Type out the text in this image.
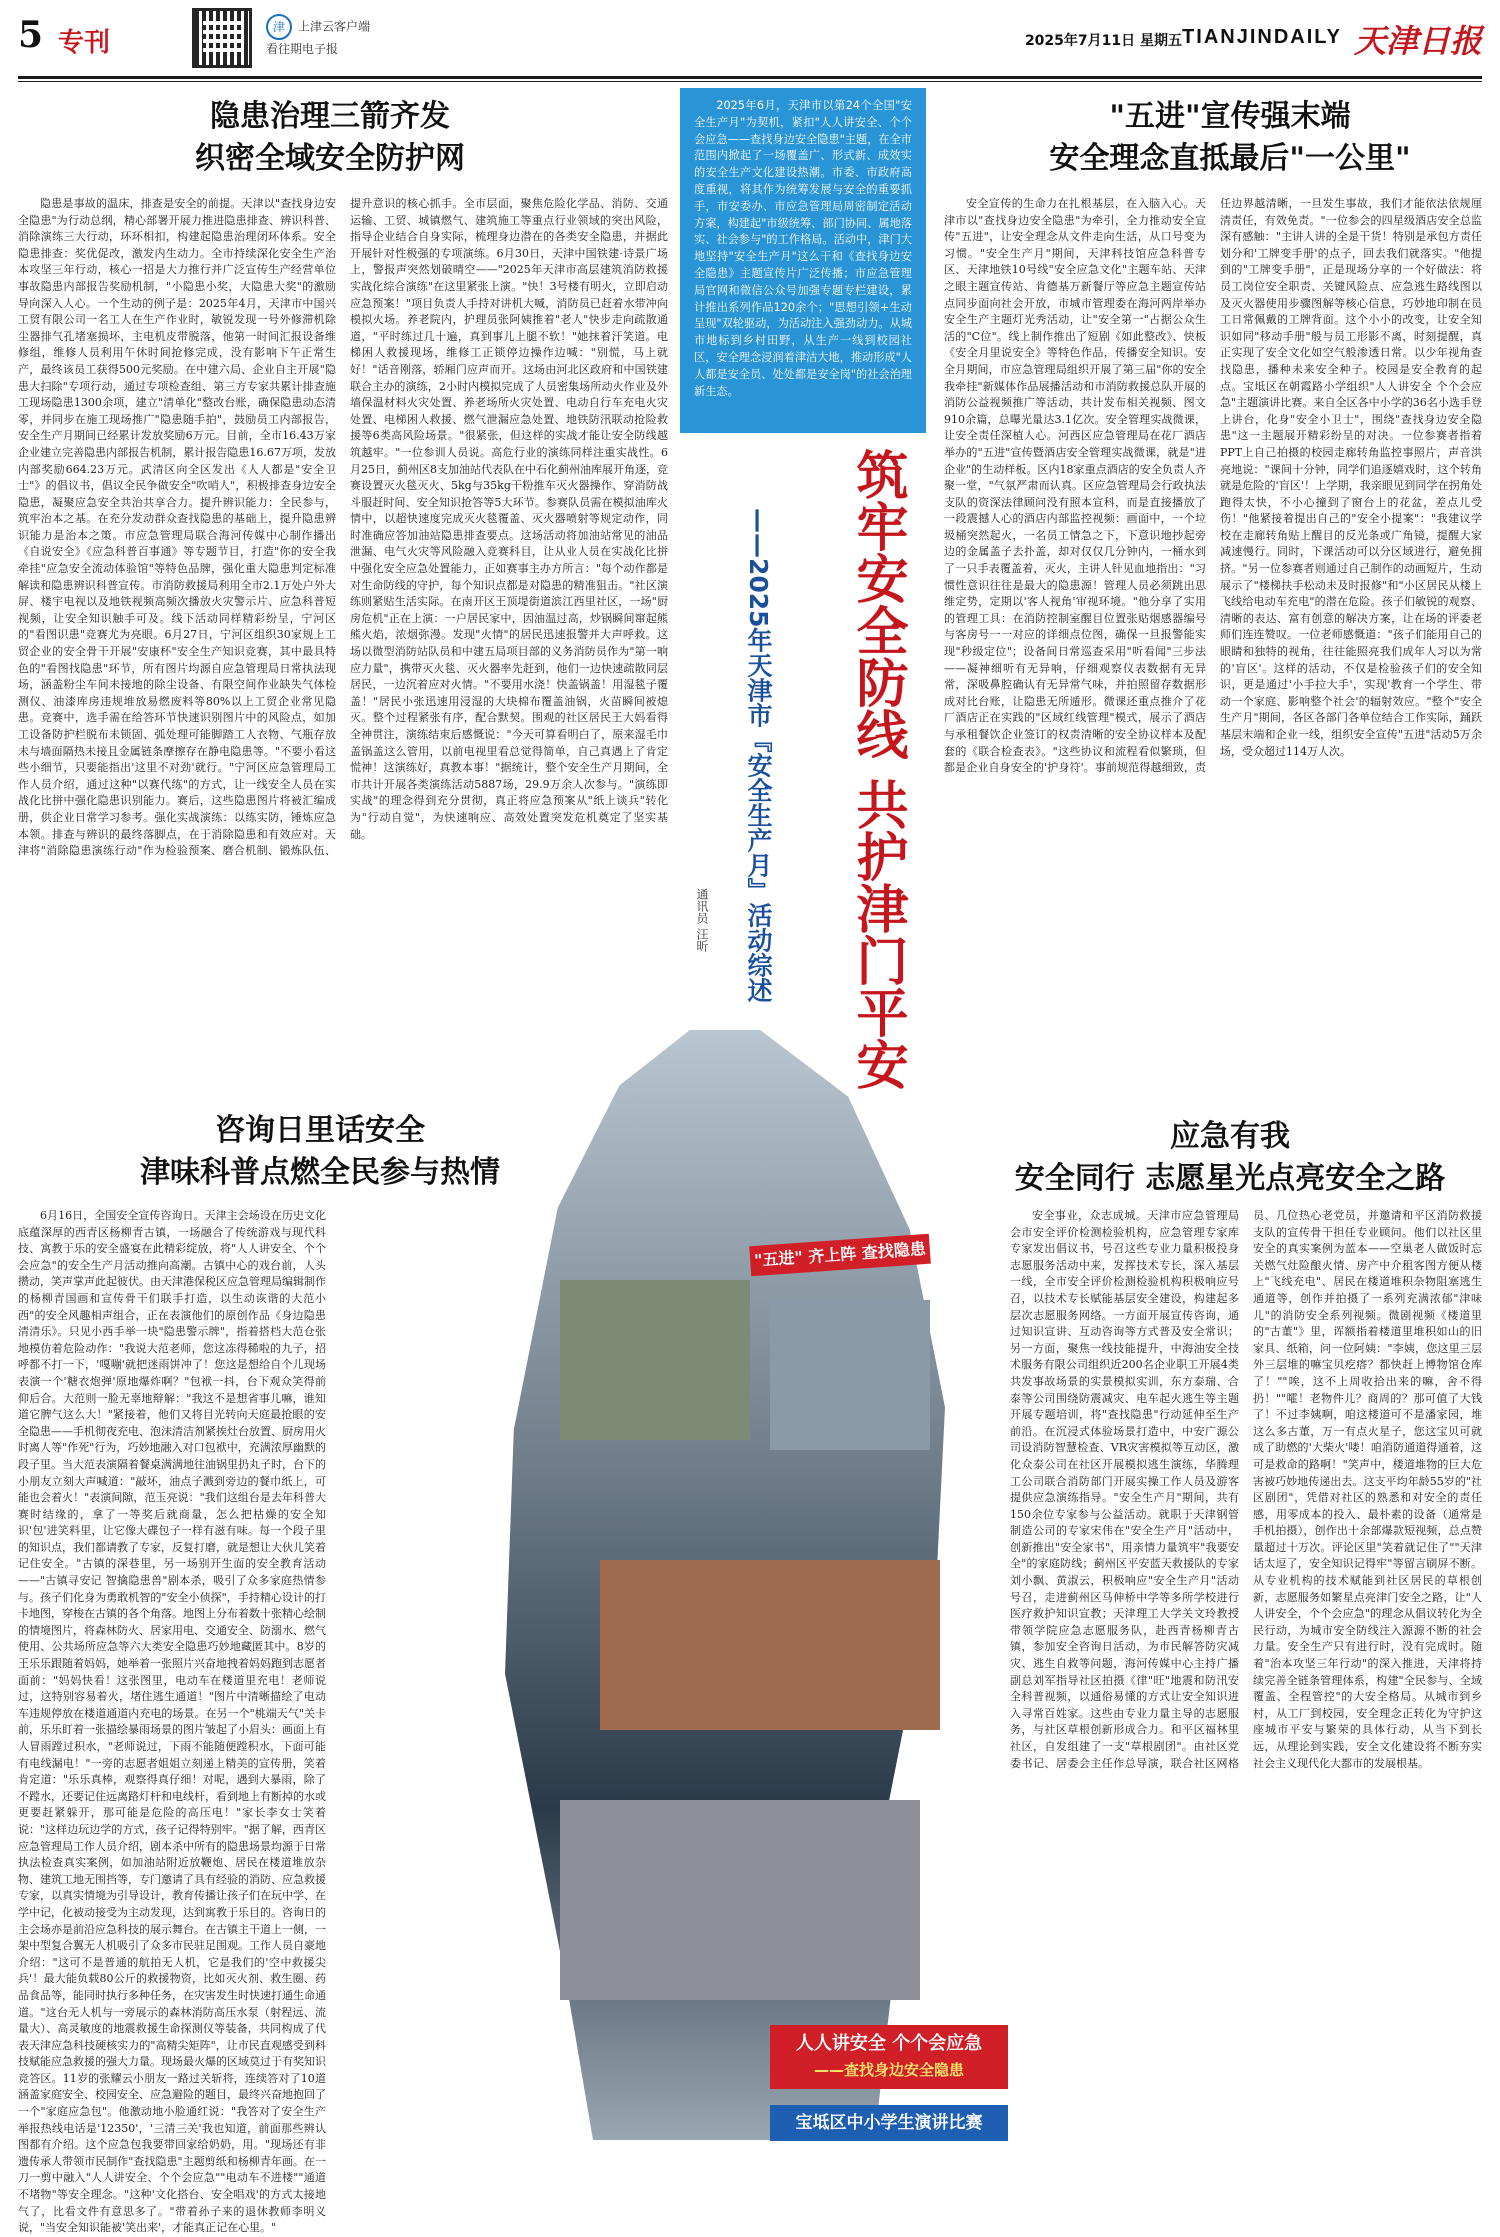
5 专刊
津 上津云客户端
看往期电子报	2025年7月11日 星期五 TIANJINDAILY 天津日报
隐患治理三箭齐发
织密全域安全防护网

隐患是事故的温床，排查是安全的前提。天津以"查找身边安全隐患"为行动总纲，精心部署开展力推进隐患排查、辨识科普、消除演练三大行动，环环相扣，构建起隐患治理闭环体系。安全隐患排查：奖优促改，激发内生动力。全市持续深化安全生产治本攻坚三年行动，核心一招是大力推行并广泛宣传生产经营单位事故隐患内部报告奖励机制，"小隐患小奖，大隐患大奖"的激励导向深入人心。一个生动的例子是：2025年4月，天津市中国兴工贸有限公司一名工人在生产作业时，敏锐发现一号外修滞机除尘器排气孔堵塞损坏，主电机皮带脱落，他第一时间汇报设备维修组，维修人员利用午休时间抢修完成，没有影响下午正常生产，最终该员工获得500元奖励。在中建六局、企业自主开展"隐患大扫除"专项行动，通过专项检查组、第三方专家共累计排查施工现场隐患1300余项，建立"清单化"整改台账，确保隐患动态清零，并同步在施工现场推广"隐患随手拍"，鼓励员工内部报告，安全生产月期间已经累计发放奖励6万元。目前，全市16.43万家企业建立完善隐患内部报告机制，累计报告隐患16.67万项，发放内部奖励664.23万元。武清区向全区发出《人人都是"安全卫士"》的倡议书，倡议全民争做安全"吹哨人"，积极排查身边安全隐患，凝聚应急安全共治共享合力。提升辨识能力：全民参与，筑牢治本之基。在充分发动群众查找隐患的基础上，提升隐患辨识能力是治本之策。市应急管理局联合海河传媒中心制作播出《自说安全》《应急科普百事通》等专题节目，打造"你的安全我牵挂"应急安全流动体验馆"等特色品牌，强化重大隐患判定标准解读和隐患辨识科普宣传。市消防救援局利用全市2.1万处户外大屏、楼宇电视以及地铁视频高频次播放火灾警示片、应急科普短视频，让安全知识触手可及。线下活动同样精彩纷呈，宁河区的"看图识患"竞赛尤为亮眼。6月27日，宁河区组织30家规上工贸企业的安全骨干开展"安康杯"安全生产知识竞赛，其中最具特色的"看图找隐患"环节，所有图片均源自应急管理局日常执法现场，涵盖粉尘车间未接地的除尘设备、有限空间作业缺失气体检测仪、油漆库房违规堆放易燃废料等80%以上工贸企业常见隐患。竞赛中，选手需在给答环节快速识别图片中的风险点，如加工设备防护栏脱布未锁固、弧处理可能脚踏工人衣物、气瓶存放未与墙面隔热未接且金属链条摩擦存在静电隐患等。"不要小看这些小细节，只要能指出'这里不对劲'就行。"宁河区应急管理局工作人员介绍，通过这种"以赛代练"的方式，让一线安全人员在实战化比拼中强化隐患识别能力。赛后，这些隐患图片将被汇编成册，供企业日常学习参考。强化实战演练：以练实防，锤炼应急本领。排查与辨识的最终落脚点，在于消除隐患和有效应对。天津将"消除隐患演练行动"作为检验预案、磨合机制、锻炼队伍、提升意识的核心抓手。全市层面，聚焦危险化学品、消防、交通运输、工贸、城镇燃气、建筑施工等重点行业领域的突出风险，指导企业结合自身实际，梳理身边潜在的各类安全隐患，并据此开展针对性极强的专项演练。6月30日，天津中国铁建·诗景广场上，警报声突然划破晴空——"2025年天津市高层建筑消防救援实战化综合演练"在这里紧张上演。"快！3号楼有明火，立即启动应急预案！"项目负责人手持对讲机大喊，消防员已赶着水带冲向模拟火场。养老院内，护理员张阿姨推着"老人"快步走向疏散通道，"平时练过几十遍，真到事儿上腿不软！"她抹着汗笑道。电梯困人救援现场，维修工正锁停边操作边喊："别慌，马上就好！"话音刚落，轿厢门应声而开。这场由河北区政府和中国铁建联合主办的演练，2小时内模拟完成了人员密集场所动火作业及外墙保温材料火灾处置、养老场所火灾处置、电动自行车充电火灾处置、电梯困人救援、燃气泄漏应急处置、地铁防汛联动抢险救援等6类高风险场景。"很紧张，但这样的实战才能让安全防线越筑越牢。"一位参训人员说。高危行业的演练同样注重实战性。6月25日，蓟州区8支加油站代表队在中石化蓟州油库展开角逐，竞赛设置灭火毯灭火、5kg与35kg干粉推车灭火器操作、穿消防战斗服赶时间、安全知识抢答等5大环节。参赛队员需在模拟油库火情中，以超快速度完成灭火毯覆盖、灭火器喷射等规定动作，同时准确应答加油站隐患排查要点。这场活动将加油站常见的油品泄漏、电气火灾等风险融入竞赛科目，让从业人员在实战化比拼中强化安全应急处置能力，正如赛事主办方所言："每个动作都是对生命防线的守护，每个知识点都是对隐患的精准狙击。"社区演练则紧贴生活实际。在南开区王顶堤街道滨江西里社区，一场"厨房危机"正在上演：一户居民家中，因油温过高，炒锅瞬间窜起熊熊火焰，浓烟弥漫。发现"火情"的居民迅速报警并大声呼救。这场以微型消防站队员和中建五局项目部的义务消防员作为"第一响应力量"，携带灭火毯、灭火器率先赶到，他们一边快速疏散同层居民，一边沉着应对火情。"不要用水浇！快盖锅盖！用湿毯子覆盖！"居民小张迅速用浸湿的大块棉布覆盖油锅，火苗瞬间被熄灭。整个过程紧张有序，配合默契。围观的社区居民王大妈看得全神贯注，演练结束后感慨说："今天可算看明白了，原来湿毛巾盖锅盖这么管用，以前电视里看总觉得简单，自己真遇上了肯定慌神！这演练好，真教本事！"据统计，整个安全生产月期间，全市共计开展各类演练活动5887场，29.9万余人次参与。"演练即实战"的理念得到充分贯彻，真正将应急预案从"纸上谈兵"转化为"行动自觉"，为快速响应、高效处置突发危机奠定了坚实基础。

2025年6月，天津市以第24个全国"安全生产月"为契机，紧扣"人人讲安全、个个会应急——查找身边安全隐患"主题，在全市范围内掀起了一场覆盖广、形式新、成效实的安全生产文化建设热潮。市委、市政府高度重视，将其作为统筹发展与安全的重要抓手，市安委办、市应急管理局周密制定活动方案，构建起"市级统筹、部门协同、属地落实、社会参与"的工作格局。活动中，津门大地坚持"安全生产月"这么干和《查找身边安全隐患》主题宣传片广泛传播；市应急管理局官网和微信公众号加强专题专栏建设，累计推出系列作品120余个；"思想引领+生动呈现"双轮驱动，为活动注入强劲动力。从城市地标到乡村田野，从生产一线到校园社区，安全理念浸润着津沽大地，推动形成"人人都是安全员、处处都是安全岗"的社会治理新生态。

筑牢安全防线 共护津门平安
——2025年天津市『安全生产月』活动综述
通讯员 汪昕
"五进"宣传强末端
安全理念直抵最后"一公里"

安全宣传的生命力在扎根基层，在入脑入心。天津市以"查找身边安全隐患"为牵引，全力推动安全宣传"五进"，让安全理念从文件走向生活，从口号变为习惯。"安全生产月"期间，天津科技馆应急科普专区、天津地铁10号线"安全应急文化"主题车站、天津之眼主题宣传站、肯德基万新餐厅等应急主题宣传站点同步面向社会开放，市城市管理委在海河两岸举办安全生产主题灯光秀活动，让"安全第一"占据公众生活的"C位"。线上制作推出了短剧《如此整改》、快板《安全月里说安全》等特色作品，传播安全知识。安全月期间，市应急管理局组织开展了第三届"你的安全我牵挂"新媒体作品展播活动和市消防救援总队开展的消防公益视频推广等活动，共计发布相关视频、图文910余篇，总曝光量达3.1亿次。安全管理实战微课，让安全责任深植人心。河西区应急管理局在花厂酒店举办的"五进"宣传暨酒店安全管理实战微课，就是"进企业"的生动样板。区内18家重点酒店的安全负责人齐聚一堂，"气氛严肃而认真。区应急管理局会行政执法支队的资深法律顾问没有照本宣科，而是直接播放了一段震撼人心的酒店内部监控视频：画面中，一个垃圾桶突然起火，一名员工情急之下，下意识地抄起旁边的金属盖子去扑盖，却对仅仅几分钟内，一桶水到了一只手表覆盖着，灭火，主讲人针见血地指出："习惯性意识往往是最大的隐患源！管理人员必须跳出思维定势，定期以'客人视角'审视环境。"他分享了实用的管理工具：在消防控制室醒目位置张贴烟感器编号与客房号一一对应的详细点位图，确保一旦报警能实现"秒级定位"；设备间日常巡查采用"听看闻"三步法——凝神细听有无异响，仔细观察仪表数据有无异常，深吸鼻腔确认有无异常气味，并拍照留存数据形成对比台账，让隐患无所遁形。微课还重点推介了花厂酒店正在实践的"区域红线管理"模式，展示了酒店与承租餐饮企业签订的权责清晰的安全协议样本及配套的《联合检查表》。"这些协议和流程看似繁琐，但都是企业自身安全的'护身符'。事前规范得越细致，责任边界越清晰，一旦发生事故，我们才能依法依规厘清责任，有效免责。"一位参会的四星级酒店安全总监深有感触："主讲人讲的全是干货！特别是承包方责任划分和'工牌变手册'的点子，回去我们就落实。"他提到的"工牌变手册"，正是现场分享的一个好做法：将员工岗位安全职责、关键风险点、应急逃生路线图以及灭火器使用步骤图解等核心信息，巧妙地印制在员工日常佩戴的工牌背面。这个小小的改变，让安全知识如同"移动手册"般与员工形影不离，时刻提醒，真正实现了安全文化如空气般渗透日常。以少年视角查找隐患，播种未来安全种子。校园是安全教育的起点。宝坻区在朝霞路小学组织"人人讲安全 个个会应急"主题演讲比赛。来自全区各中小学的36名小选手登上讲台，化身"安全小卫士"，围绕"查找身边安全隐患"这一主题展开精彩纷呈的对决。一位参赛者指着PPT上自己拍摄的校园走廊转角监控事照片，声音洪亮地说："课间十分钟，同学们追逐嬉戏时，这个转角就是危险的'盲区'！上学期，我亲眼见到同学在拐角处跑得太快，不小心撞到了窗台上的花盆，差点儿受伤！"他紧接着提出自己的"安全小提案"："我建议学校在走廊转角贴上醒目的反光条或广角镜，提醒大家减速慢行。同时，下课活动可以分区域进行，避免拥挤。"另一位参赛者则通过自己制作的动画短片，生动展示了"楼梯扶手松动未及时报修"和"小区居民从楼上飞线给电动车充电"的潜在危险。孩子们敏锐的观察、清晰的表达、富有创意的解决方案，让在场的评委老师们连连赞叹。一位老师感慨道："孩子们能用自己的眼睛和独特的视角，往往能照亮我们成年人习以为常的'盲区'。这样的活动，不仅是检验孩子们的安全知识，更是通过'小手拉大手'，实现'教育一个学生、带动一个家庭、影响整个社会'的辐射效应。"整个"安全生产月"期间，各区各部门各单位结合工作实际，踊跃基层末端和企业一线，组织安全宣传"五进"活动5万余场，受众超过114万人次。

咨询日里话安全
津味科普点燃全民参与热情

6月16日，全国安全宣传咨询日。天津主会场设在历史文化底蕴深厚的西青区杨柳青古镇，一场融合了传统游戏与现代科技、寓教于乐的安全盛宴在此精彩绽放，将"人人讲安全、个个会应急"的安全生产月活动推向高潮。古镇中心的戏台前，人头攒动，笑声掌声此起彼伏。由天津港保税区应急管理局编辑制作的杨柳青国画和宣传骨干们联手打造，以生动诙谐的大范小西"的安全风趣相声组合，正在表演他们的原创作品《身边隐患清清乐》。只见小西手举一块"隐患警示牌"，指着搭档大范仓张地模仿着危险动作："我说大范老师，您这冻得稀啦的九子，招呼都不打一下，'嘎嘣'就把迷雨饼冲了！您这是想给自个儿现场表演一个'糖衣炮弹'原地爆炸啊？"包袱一抖，台下观众笑得前仰后合。大范则一脸无辜地辩解："我这不是想省事儿嘛，谁知道它脾气这么大！"紧接着，他们又将目光转向天庭最抢眼的安全隐患——手机彻夜充电、泡沫清洁剂紧挨灶台放置、厨房用火时离人等"作死"行为，巧妙地融入对口包袱中，充满浓厚幽默的段子里。当大范表演隔着餐桌满满地往油锅里扔丸子时，台下的小朋友立刻大声喊道："敲坏，油点子溅到旁边的餐巾纸上，可能也会着火！"表演间隙，范玉亮说："我们这组台是去年科普大赛时结缘的，拿了一等奖后就商量，怎么把枯燥的安全知识'包'进笑料里，让它像大碟包子一样有滋有味。每一个段子里的知识点，我们都请教了专家，反复打磨，就是想让大伙儿笑着记住安全。"古镇的深巷里，另一场别开生面的安全教育活动——"古镇寻安记 智擒隐患兽"剧本杀，吸引了众多家庭热情参与。孩子们化身为勇敢机智的"安全小侦探"，手持精心设计的打卡地图，穿梭在古镇的各个角落。地图上分布着数十张精心绘制的情境图片，将森林防火、居家用电、交通安全、防溺水、燃气使用、公共场所应急等六大类安全隐患巧妙地藏匿其中。8岁的王乐乐跟随着妈妈，她举着一张照片兴奋地拽着妈妈跑到志愿者面前："妈妈快看！这张图里，电动车在楼道里充电！老师说过，这特别容易着火，堵住逃生通道！"图片中清晰描绘了电动车违规停放在楼道通道内充电的场景。在另一个"桃端天气"关卡前，乐乐盯着一张描绘暴雨场景的图片皱起了小眉头：画面上有人冒雨蹚过积水，"老师说过，下雨不能随便蹚积水，下面可能有电线漏电！"一旁的志愿者姐姐立刻递上精美的宣传册，笑着肯定道："乐乐真棒，观察得真仔细！对呢，遇到大暴雨，除了不蹚水，还要记住远离路灯杆和电线杆，看到地上有断掉的水或更要赶紧躲开，那可能是危险的高压电！"家长李女士笑着说："这样边玩边学的方式，孩子记得特别牢。"据了解，西青区应急管理局工作人员介绍，剧本杀中所有的隐患场景均源于日常执法检查真实案例，如加油站附近放鞭炮、居民在楼道堆放杂物、建筑工地无围挡等，专门邀请了具有经验的消防、应急救援专家，以真实情境为引导设计，教育传播让孩子们在玩中学、在学中记，化被动接受为主动发现，达到寓教于乐目的。咨询日的主会场亦是前沿应急科技的展示舞台。在古镇主干道上一侧，一架中型复合翼无人机吸引了众多市民驻足围观。工作人员自豪地介绍："这可不是普通的航拍无人机，它是我们的'空中救援尖兵'！最大能负载80公斤的救援物资，比如灭火剂、救生圈、药品食品等，能同时执行多种任务，在灾害发生时快速打通生命通道。"这台无人机与一旁展示的森林消防高压水泵（射程远、流量大）、高灵敏度的地震救援生命探测仪等装备，共同构成了代表天津应急科技硬核实力的"高精尖矩阵"，让市民直观感受到科技赋能应急救援的强大力量。现场最火爆的区域莫过于有奖知识竞答区。11岁的张耀云小朋友一路过关斩将，连续答对了10道涵盖家庭安全、校园安全、应急避险的题目，最终兴奋地抱回了一个"家庭应急包"。他激动地小脸通红说："我答对了安全生产举报热线电话是'12350'，'三清三关'我也知道，前面那些辨认图都有介绍。这个应急包我要带回家给奶奶，用。"现场还有非遗传承人带领市民制作"查找隐患"主题剪纸和杨柳青年画。在一刀一剪中融入"人人讲安全、个个会应急""电动车不进楼""通道不堵物"等安全理念。"这种'文化搭台、安全唱戏'的方式太接地气了，比看文件有意思多了。"带着孙子来的退休教师李明义说，"当安全知识能被'笑出来'，才能真正记在心里。"

"五进" 齐上阵 查找隐患
人人讲安全 个个会应急
——查找身边安全隐患
宝坻区中小学生演讲比赛
应急有我
安全同行 志愿星光点亮安全之路

安全事业，众志成城。天津市应急管理局会市安全评价检测检验机构，应急管理专家库专家发出倡议书，号召这些专业力量积极投身志愿服务活动中来，发挥技术专长，深入基层一线，全市安全评价检测检验机构积极响应号召，以技术专长赋能基层安全建设，构建起多层次志愿服务网络。一方面开展宣传咨询，通过知识宣讲、互动咨询等方式普及安全常识；另一方面，聚焦一线技能提升，中海油安全技术服务有限公司组织近200名企业职工开展4类共发事故场景的实景模拟实训，东方泰瑞、合泰等公司围绕防震减灾、电车起火逃生等主题开展专题培训，将"查找隐患"行动延伸至生产前沿。在沉浸式体验场景打造中，中安广源公司设消防智慧检查、VR灾害模拟等互动区，激化众泰公司在社区开展模拟逃生演练，华腾理工公司联合消防部门开展实操工作人员及游客提供应急演练指导。"安全生产月"期间，共有150余位专家参与公益活动。就职于天津钢管制造公司的专家宋伟在"安全生产月"活动中，创新推出"安全家书"，用亲情力量筑牢"我要安全"的家庭防线；蓟州区平安蓝天救援队的专家刘小飘、黄淑云，积极响应"安全生产月"活动号召，走进蓟州区马伸桥中学等多所学校进行医疗救护知识宣教；天津理工大学关文玲教授带领学院应急志愿服务队，赴西青杨柳青古镇，参加安全咨询日活动，为市民解答防灾减灾、逃生自救等问题，海河传媒中心主持广播副总刘军指导社区拍摄《律"旺"地震和防汛安全科普视频，以通俗易懂的方式让安全知识进入寻常百姓家。这些由专业力量主导的志愿服务，与社区草根创新形成合力。和平区福林里社区，自发组建了一支"草根剧团"。由社区党委书记、居委会主任作总导演，联合社区网格员、几位热心老党员，并邀请和平区消防救援支队的宣传骨干担任专业顾问。他们以社区里安全的真实案例为蓝本——空巢老人做饭时忘关燃气灶险酿火情、房产中介租客图方便从楼上"飞线充电"、居民在楼道堆积杂物阻塞逃生通道等，创作并拍摄了一系列充满浓郁"津味儿"的消防安全系列视频。微剧视频《楼道里的"古董"》里，诨额指着楼道里堆积如山的旧家具、纸箱，问一位阿姨："李姨，您这里三层外三层堆的嘛宝贝疙瘩？都快赶上博物馆仓库了！""唉，这不上周收拾出来的嘛，舍不得扔！""嚯！老物件儿？商周的？那可值了大钱了！不过李姨啊，咱这楼道可不是潘家园，堆这么多古董，万一有点火星子，您这宝贝可就成了助燃的'大柴火'喽！咱消防通道得通着，这可是救命的路啊！"笑声中，楼道堆物的巨大危害被巧妙地传递出去。这支平均年龄55岁的"社区剧团"，凭借对社区的熟悉和对安全的责任感，用零成本的投入、最朴素的设备（通常是手机拍摄），创作出十余部爆款短视频，总点赞量超过十万次。评论区里"笑着就记住了""天津话太逗了，安全知识记得牢"等留言刷屏不断。从专业机构的技术赋能到社区居民的草根创新，志愿服务如繁星点亮津门安全之路，让"人人讲安全，个个会应急"的理念从倡议转化为全民行动，为城市安全防线注入源源不断的社会力量。安全生产只有进行时，没有完成时。随着"治本攻坚三年行动"的深入推进，天津将持续完善全链条管理体系，构建"全民参与、全域覆盖、全程管控"的大安全格局。从城市到乡村，从工厂到校园，安全理念正转化为守护这座城市平安与繁荣的具体行动，从当下到长远，从理论到实践，安全文化建设将不断夯实社会主义现代化大都市的发展根基。
